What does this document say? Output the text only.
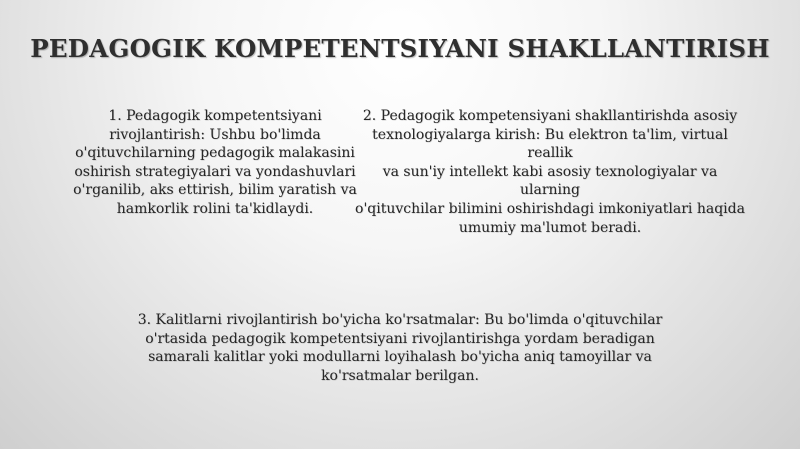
PEDAGOGIK KOMPETENTSIYANI SHAKLLANTIRISH
1. Pedagogik kompetentsiyani
rivojlantirish: Ushbu bo'limda
o'qituvchilarning pedagogik malakasini
oshirish strategiyalari va yondashuvlari
o'rganilib, aks ettirish, bilim yaratish va
hamkorlik rolini ta'kidlaydi.
2. Pedagogik kompetensiyani shakllantirishda asosiy
texnologiyalarga kirish: Bu elektron ta'lim, virtual reallik
va sun'iy intellekt kabi asosiy texnologiyalar va ularning
o'qituvchilar bilimini oshirishdagi imkoniyatlari haqida
umumiy ma'lumot beradi.
3. Kalitlarni rivojlantirish bo'yicha ko'rsatmalar: Bu bo'limda o'qituvchilar
o'rtasida pedagogik kompetentsiyani rivojlantirishga yordam beradigan
samarali kalitlar yoki modullarni loyihalash bo'yicha aniq tamoyillar va
ko'rsatmalar berilgan.
